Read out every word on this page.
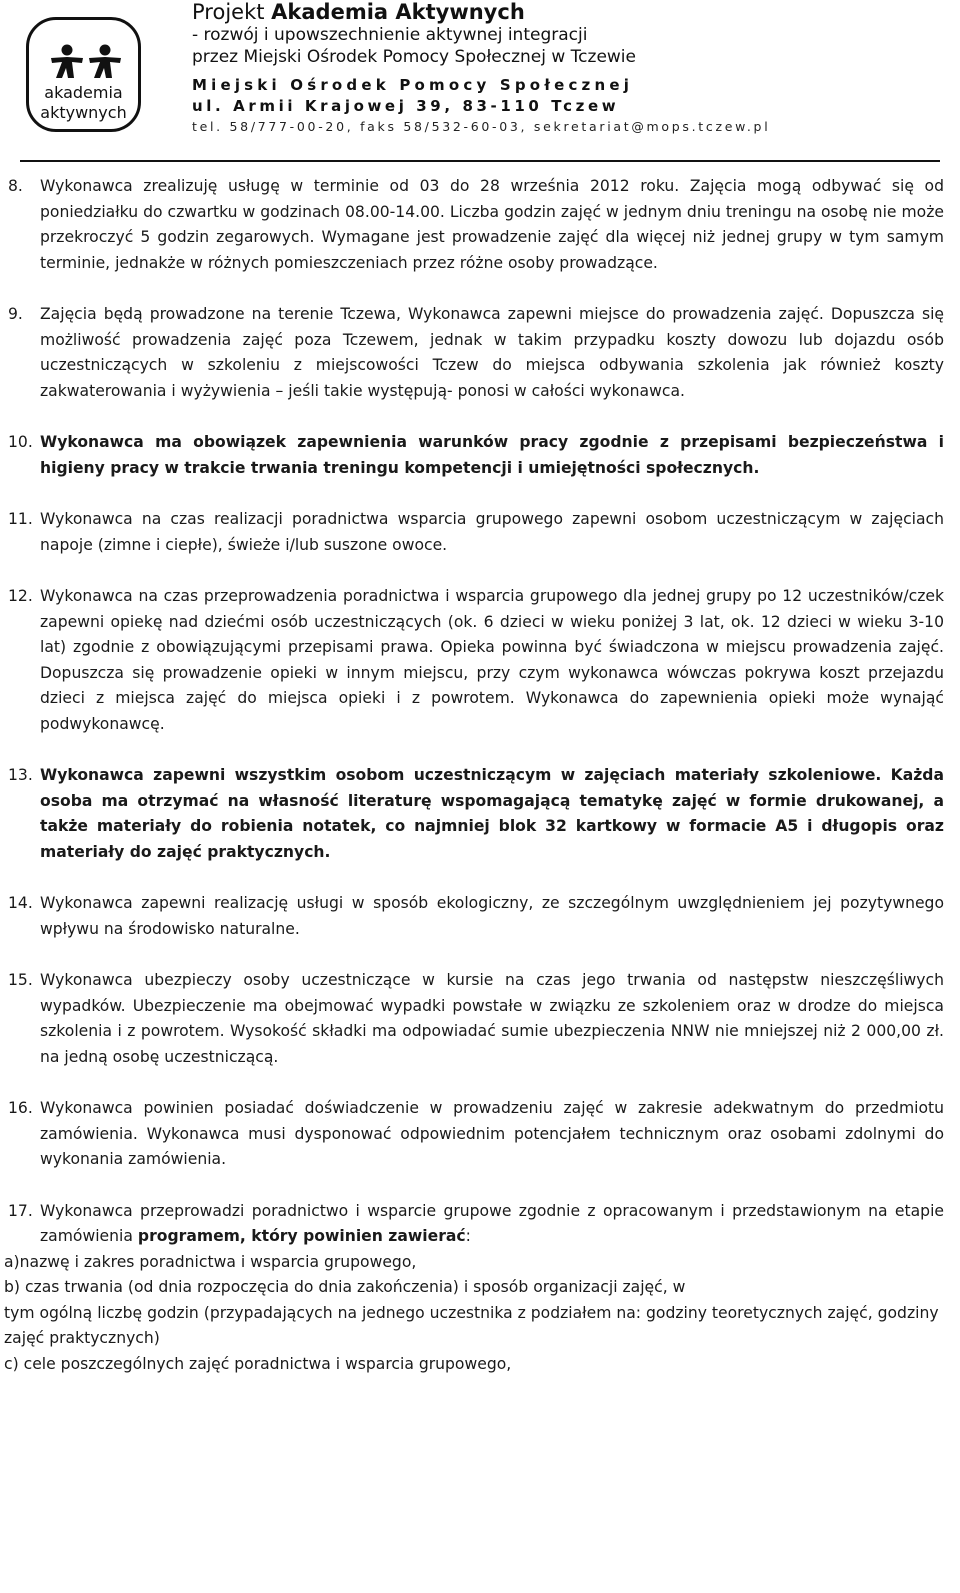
akademia
aktywnych
Projekt Akademia Aktywnych
- rozwój i upowszechnienie aktywnej integracji
przez Miejski Ośrodek Pomocy Społecznej w Tczewie
Miejski Ośrodek Pomocy Społecznej
ul. Armii Krajowej 39, 83-110 Tczew
tel. 58/777-00-20, faks 58/532-60-03, sekretariat@mops.tczew.pl
8. Wykonawca zrealizuję usługę w terminie od 03 do 28 września 2012 roku. Zajęcia mogą odbywać się od poniedziałku do czwartku w godzinach 08.00-14.00. Liczba godzin zajęć w jednym dniu treningu na osobę nie może przekroczyć 5 godzin zegarowych. Wymagane jest prowadzenie zajęć dla więcej niż jednej grupy w tym samym terminie, jednakże w różnych pomieszczeniach przez różne osoby prowadzące.

9. Zajęcia będą prowadzone na terenie Tczewa, Wykonawca zapewni miejsce do prowadzenia zajęć. Dopuszcza się możliwość prowadzenia zajęć poza Tczewem, jednak w takim przypadku koszty dowozu lub dojazdu osób uczestniczących w szkoleniu z miejscowości Tczew do miejsca odbywania szkolenia jak również koszty zakwaterowania i wyżywienia – jeśli takie występują- ponosi w całości wykonawca.

10. Wykonawca ma obowiązek zapewnienia warunków pracy zgodnie z przepisami bezpieczeństwa i higieny pracy w trakcie trwania treningu kompetencji i umiejętności społecznych.

11. Wykonawca na czas realizacji poradnictwa wsparcia grupowego zapewni osobom uczestniczącym w zajęciach napoje (zimne i ciepłe), świeże i/lub suszone owoce.

12. Wykonawca na czas przeprowadzenia poradnictwa i wsparcia grupowego dla jednej grupy po 12 uczestników/czek zapewni opiekę nad dziećmi osób uczestniczących (ok. 6 dzieci w wieku poniżej 3 lat, ok. 12 dzieci w wieku 3-10 lat) zgodnie z obowiązującymi przepisami prawa. Opieka powinna być świadczona w miejscu prowadzenia zajęć. Dopuszcza się prowadzenie opieki w innym miejscu, przy czym wykonawca wówczas pokrywa koszt przejazdu dzieci z miejsca zajęć do miejsca opieki i z powrotem. Wykonawca do zapewnienia opieki może wynająć podwykonawcę.

13. Wykonawca zapewni wszystkim osobom uczestniczącym w zajęciach materiały szkoleniowe. Każda osoba ma otrzymać na własność literaturę wspomagającą tematykę zajęć w formie drukowanej, a także materiały do robienia notatek, co najmniej blok 32 kartkowy w formacie A5 i długopis oraz materiały do zajęć praktycznych.

14. Wykonawca zapewni realizację usługi w sposób ekologiczny, ze szczególnym uwzględnieniem jej pozytywnego wpływu na środowisko naturalne.

15. Wykonawca ubezpieczy osoby uczestniczące w kursie na czas jego trwania od następstw nieszczęśliwych wypadków. Ubezpieczenie ma obejmować wypadki powstałe w związku ze szkoleniem oraz w drodze do miejsca szkolenia i z powrotem. Wysokość składki ma odpowiadać sumie ubezpieczenia NNW nie mniejszej niż 2 000,00 zł. na jedną osobę uczestniczącą.

16. Wykonawca powinien posiadać doświadczenie w prowadzeniu zajęć w zakresie adekwatnym do przedmiotu zamówienia. Wykonawca musi dysponować odpowiednim potencjałem technicznym oraz osobami zdolnymi do wykonania zamówienia.

17. Wykonawca przeprowadzi poradnictwo i wsparcie grupowe zgodnie z opracowanym i przedstawionym na etapie zamówienia programem, który powinien zawierać:

a)nazwę i zakres poradnictwa i wsparcia grupowego,

b) czas trwania (od dnia rozpoczęcia do dnia zakończenia) i sposób organizacji zajęć, w

tym ogólną liczbę godzin (przypadających na jednego uczestnika z podziałem na: godziny teoretycznych zajęć, godziny zajęć praktycznych)

c) cele poszczególnych zajęć poradnictwa i wsparcia grupowego,
